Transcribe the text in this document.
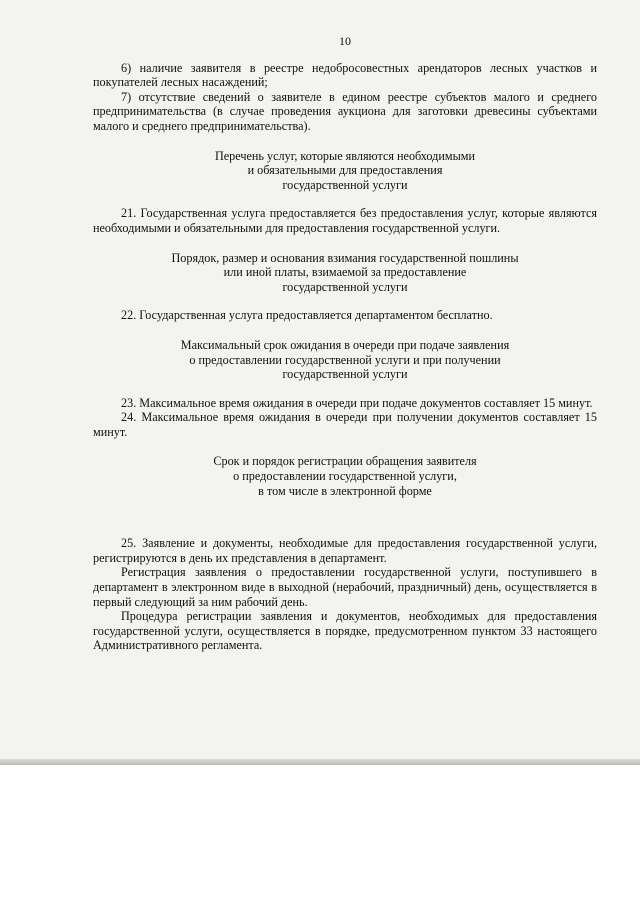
10

6) наличие заявителя в реестре недобросовестных арендаторов лесных участков и покупателей лесных насаждений;

7) отсутствие сведений о заявителе в едином реестре субъектов малого и среднего предпринимательства (в случае проведения аукциона для заготовки древесины субъектами малого и среднего предпринимательства).

Перечень услуг, которые являются необходимыми
и обязательными для предоставления
государственной услуги

21. Государственная услуга предоставляется без предоставления услуг, которые являются необходимыми и обязательными для предоставления государственной услуги.

Порядок, размер и основания взимания государственной пошлины
или иной платы, взимаемой за предоставление
государственной услуги

22. Государственная услуга предоставляется департаментом бесплатно.

Максимальный срок ожидания в очереди при подаче заявления
о предоставлении государственной услуги и при получении
государственной услуги

23. Максимальное время ожидания в очереди при подаче документов составляет 15 минут.

24. Максимальное время ожидания в очереди при получении документов составляет 15 минут.

Срок и порядок регистрации обращения заявителя
о предоставлении государственной услуги,
в том числе в электронной форме

25. Заявление и документы, необходимые для предоставления государственной услуги, регистрируются в день их представления в департамент.

Регистрация заявления о предоставлении государственной услуги, поступившего в департамент в электронном виде в выходной (нерабочий, праздничный) день, осуществляется в первый следующий за ним рабочий день.

Процедура регистрации заявления и документов, необходимых для предоставления государственной услуги, осуществляется в порядке, предусмотренном пунктом 33 настоящего Административного регламента.
